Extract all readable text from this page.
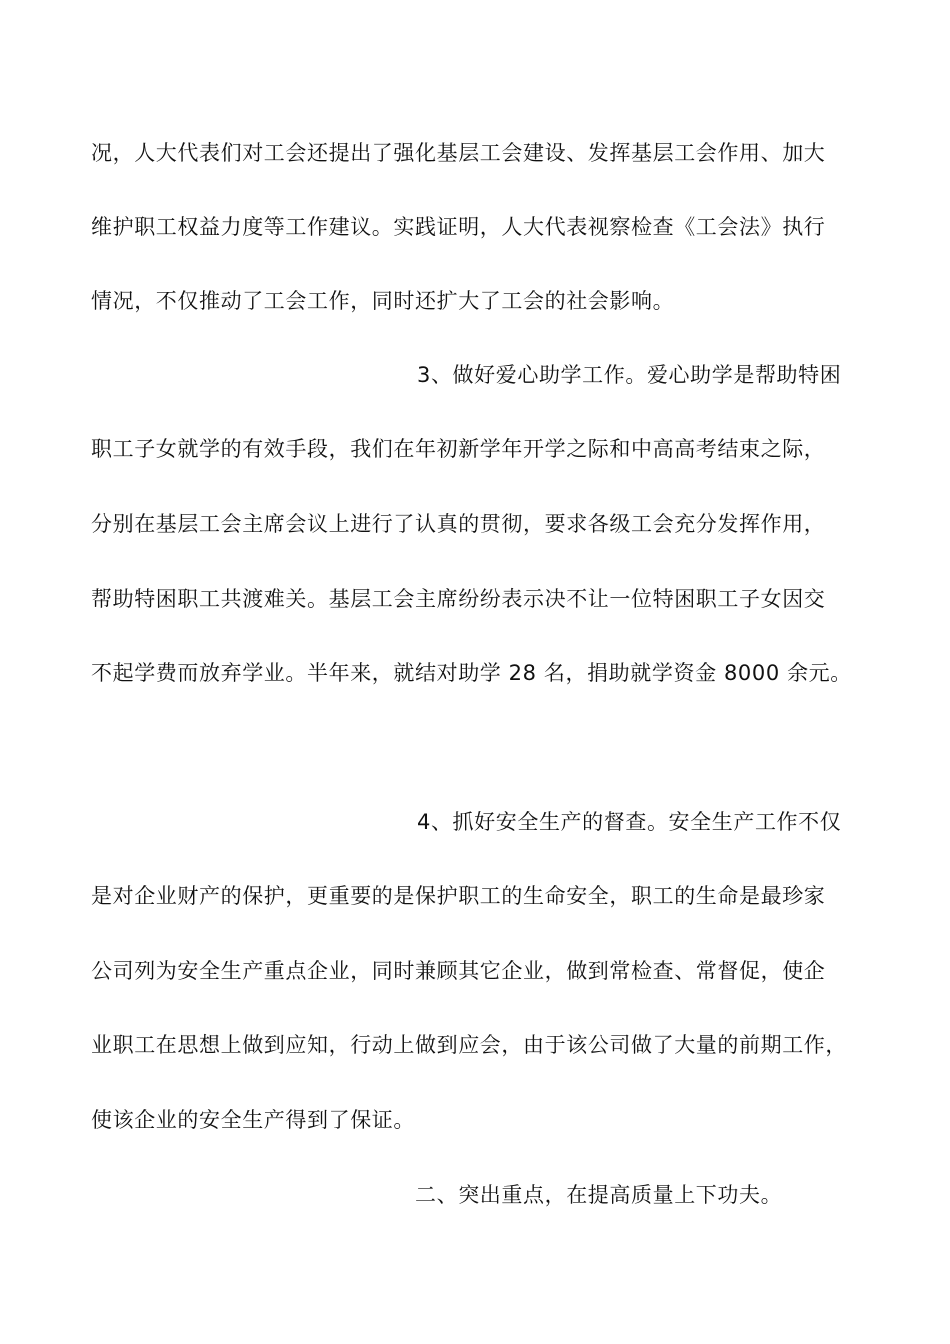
况，人大代表们对工会还提出了强化基层工会建设、发挥基层工会作用、加大
维护职工权益力度等工作建议。实践证明，人大代表视察检查《工会法》执行
情况，不仅推动了工会工作，同时还扩大了工会的社会影响。
3、做好爱心助学工作。爱心助学是帮助特困
职工子女就学的有效手段，我们在年初新学年开学之际和中高高考结束之际，
分别在基层工会主席会议上进行了认真的贯彻，要求各级工会充分发挥作用，
帮助特困职工共渡难关。基层工会主席纷纷表示决不让一位特困职工子女因交
不起学费而放弃学业。半年来，就结对助学 28 名，捐助就学资金 8000 余元。
4、抓好安全生产的督查。安全生产工作不仅
是对企业财产的保护，更重要的是保护职工的生命安全，职工的生命是最珍家
公司列为安全生产重点企业，同时兼顾其它企业，做到常检查、常督促，使企
业职工在思想上做到应知，行动上做到应会，由于该公司做了大量的前期工作，
使该企业的安全生产得到了保证。
二、突出重点，在提高质量上下功夫。
